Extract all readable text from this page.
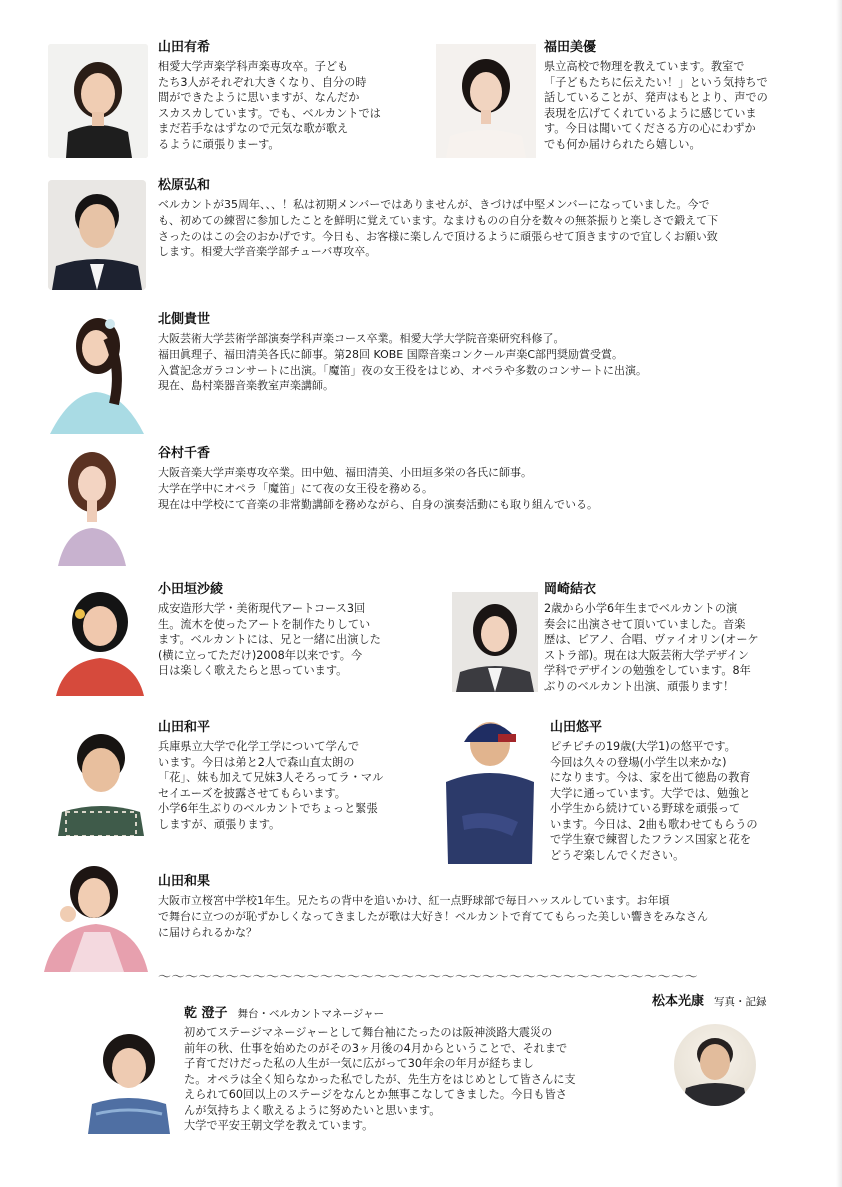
山田有希

相愛大学声楽学科声楽専攻卒。子ども
たち3人がそれぞれ大きくなり、自分の時
間ができたように思いますが、なんだか
スカスカしています。でも、ベルカントでは
まだ若手なはずなので元気な歌が歌え
るように頑張りまーす。

福田美優

県立高校で物理を教えています。教室で
「子どもたちに伝えたい！」という気持ちで
話していることが、発声はもとより、声での
表現を広げてくれているように感じていま
す。今日は聞いてくださる方の心にわずか
でも何か届けられたら嬉しい。

松原弘和

ベルカントが35周年、、、！私は初期メンバーではありませんが、きづけば中堅メンバーになっていました。今で
も、初めての練習に参加したことを鮮明に覚えています。なまけものの自分を数々の無茶振りと楽しさで鍛えて下
さったのはこの会のおかげです。今日も、お客様に楽しんで頂けるように頑張らせて頂きますので宜しくお願い致
します。相愛大学音楽学部チューバ専攻卒。

北側貴世

大阪芸術大学芸術学部演奏学科声楽コース卒業。相愛大学大学院音楽研究科修了。
福田眞理子、福田清美各氏に師事。第28回 KOBE 国際音楽コンクール声楽C部門奨励賞受賞。
入賞記念ガラコンサートに出演。「魔笛」夜の女王役をはじめ、オペラや多数のコンサートに出演。
現在、島村楽器音楽教室声楽講師。

谷村千香

大阪音楽大学声楽専攻卒業。田中勉、福田清美、小田垣多栄の各氏に師事。
大学在学中にオペラ「魔笛」にて夜の女王役を務める。
現在は中学校にて音楽の非常勤講師を務めながら、自身の演奏活動にも取り組んでいる。

小田垣沙綾

成安造形大学・美術現代アートコース3回
生。流木を使ったアートを制作たりしてい
ます。ベルカントには、兄と一緒に出演した
(横に立ってただけ)2008年以来です。今
日は楽しく歌えたらと思っています。

岡崎結衣

2歳から小学6年生までベルカントの演
奏会に出演させて頂いていました。音楽
歴は、ピアノ、合唱、ヴァイオリン(オーケ
ストラ部)。現在は大阪芸術大学デザイン
学科でデザインの勉強をしています。8年
ぶりのベルカント出演、頑張ります！

山田和平

兵庫県立大学で化学工学について学んで
います。今日は弟と2人で森山直太朗の
「花」、妹も加えて兄妹3人そろってラ・マル
セイエーズを披露させてもらいます。
小学6年生ぶりのベルカントでちょっと緊張
しますが、頑張ります。

山田悠平

ピチピチの19歳(大学1)の悠平です。
今回は久々の登場(小学生以来かな)
になります。今は、家を出て徳島の教育
大学に通っています。大学では、勉強と
小学生から続けている野球を頑張って
います。今日は、2曲も歌わせてもらうの
で学生寮で練習したフランス国家と花を
どうぞ楽しんでください。

山田和果

大阪市立桜宮中学校1年生。兄たちの背中を追いかけ、紅一点野球部で毎日ハッスルしています。お年頃
で舞台に立つのが恥ずかしくなってきましたが歌は大好き！ベルカントで育ててもらった美しい響きをみなさん
に届けられるかな？

〜〜〜〜〜〜〜〜〜〜〜〜〜〜〜〜〜〜〜〜〜〜〜〜〜〜〜〜〜〜〜〜〜〜〜〜〜〜〜〜

乾 澄子 舞台・ベルカントマネージャー

初めてステージマネージャーとして舞台袖にたったのは阪神淡路大震災の
前年の秋、仕事を始めたのがその3ヶ月後の4月からということで、それまで
子育てだけだった私の人生が一気に広がって30年余の年月が経ちまし
た。オペラは全く知らなかった私でしたが、先生方をはじめとして皆さんに支
えられて60回以上のステージをなんとか無事こなしてきました。今日も皆さ
んが気持ちよく歌えるように努めたいと思います。
大学で平安王朝文学を教えています。

松本光康 写真・記録
